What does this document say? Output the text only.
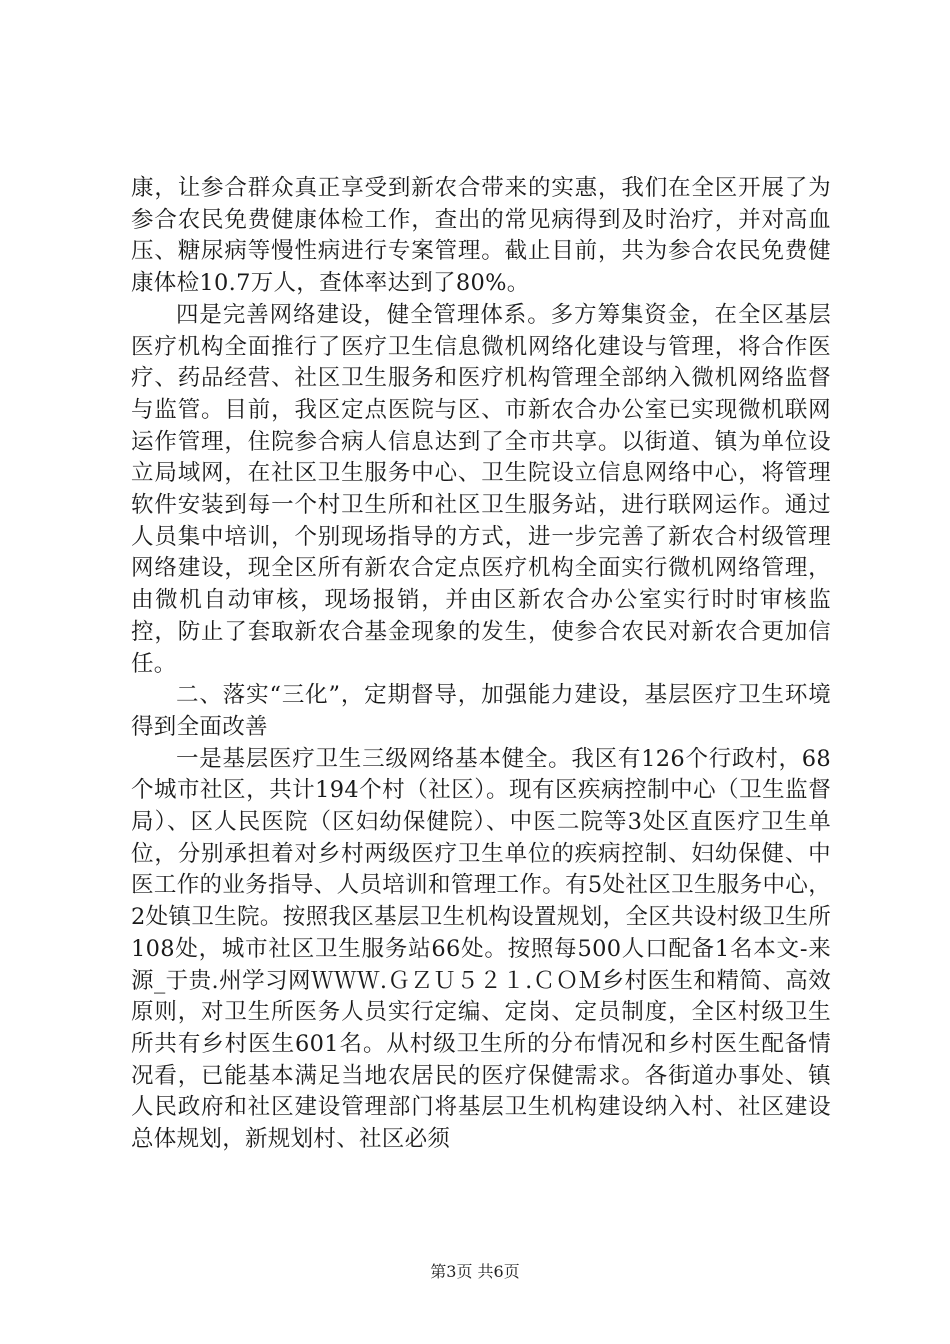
康，让参合群众真正享受到新农合带来的实惠，我们在全区开展了为参合农民免费健康体检工作，查出的常见病得到及时治疗，并对高血压、糖尿病等慢性病进行专案管理。截止目前，共为参合农民免费健康体检10.7万人，查体率达到了80%。

四是完善网络建设，健全管理体系。多方筹集资金，在全区基层医疗机构全面推行了医疗卫生信息微机网络化建设与管理，将合作医疗、药品经营、社区卫生服务和医疗机构管理全部纳入微机网络监督与监管。目前，我区定点医院与区、市新农合办公室已实现微机联网运作管理，住院参合病人信息达到了全市共享。以街道、镇为单位设立局域网，在社区卫生服务中心、卫生院设立信息网络中心，将管理软件安装到每一个村卫生所和社区卫生服务站，进行联网运作。通过人员集中培训，个别现场指导的方式，进一步完善了新农合村级管理网络建设，现全区所有新农合定点医疗机构全面实行微机网络管理，由微机自动审核，现场报销，并由区新农合办公室实行时时审核监控，防止了套取新农合基金现象的发生，使参合农民对新农合更加信任。

二、落实“三化”，定期督导，加强能力建设，基层医疗卫生环境得到全面改善

一是基层医疗卫生三级网络基本健全。我区有126个行政村，68个城市社区，共计194个村（社区）。现有区疾病控制中心（卫生监督局）、区人民医院（区妇幼保健院）、中医二院等3处区直医疗卫生单位，分别承担着对乡村两级医疗卫生单位的疾病控制、妇幼保健、中医工作的业务指导、人员培训和管理工作。有5处社区卫生服务中心，2处镇卫生院。按照我区基层卫生机构设置规划，全区共设村级卫生所108处，城市社区卫生服务站66处。按照每500人口配备1名本文-来源_于贵.州学习网ＷＷＷ.ＧＺＵ５２１.ＣＯＭ乡村医生和精简、高效原则，对卫生所医务人员实行定编、定岗、定员制度，全区村级卫生所共有乡村医生601名。从村级卫生所的分布情况和乡村医生配备情况看，已能基本满足当地农居民的医疗保健需求。各街道办事处、镇人民政府和社区建设管理部门将基层卫生机构建设纳入村、社区建设总体规划，新规划村、社区必须

第3页 共6页
